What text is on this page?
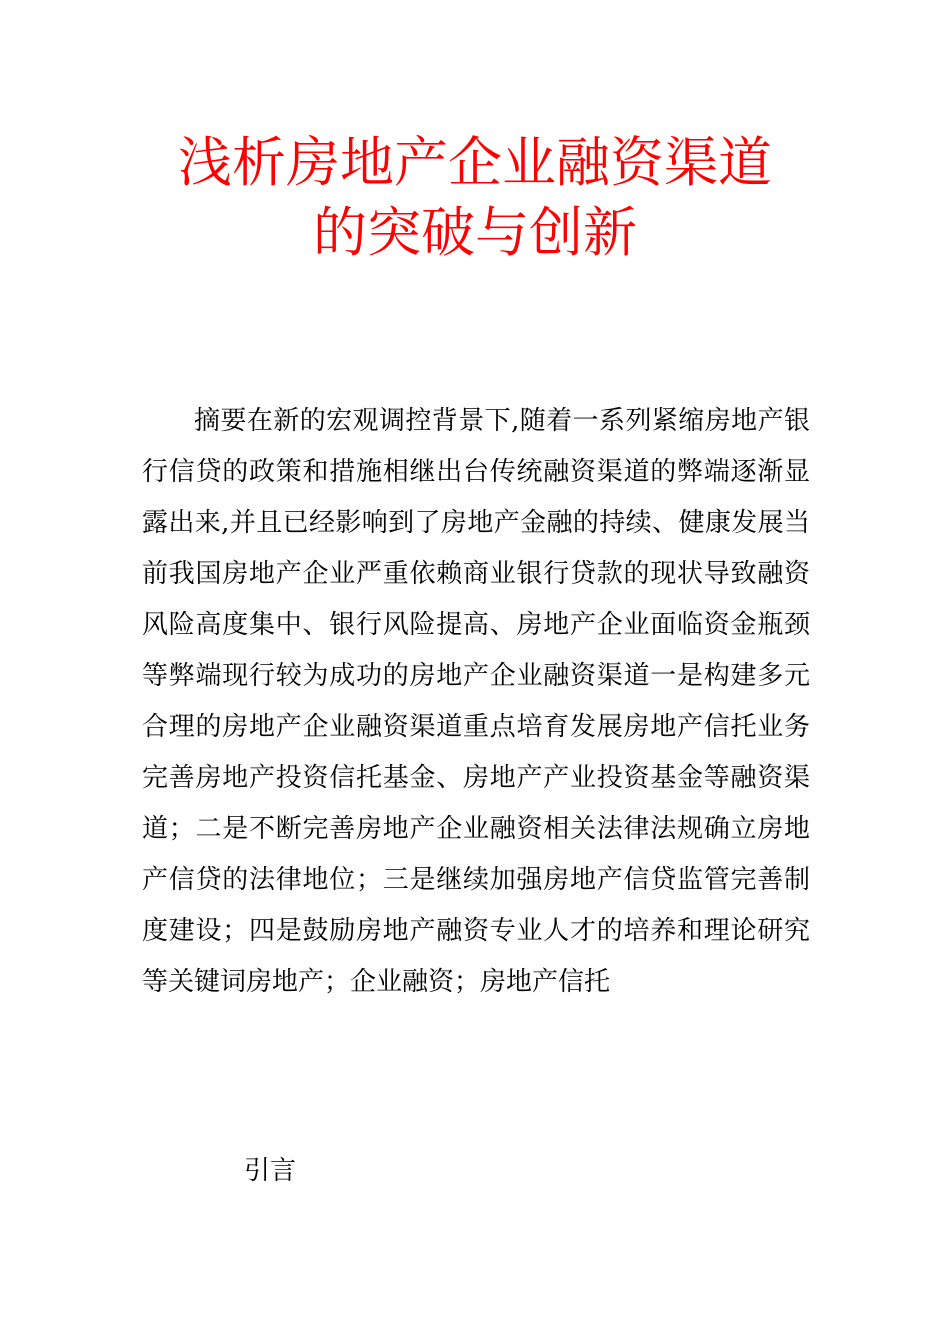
浅析房地产企业融资渠道
的突破与创新

摘要在新的宏观调控背景下,随着一系列紧缩房地产银行信贷的政策和措施相继出台传统融资渠道的弊端逐渐显露出来,并且已经影响到了房地产金融的持续、健康发展当前我国房地产企业严重依赖商业银行贷款的现状导致融资风险高度集中、银行风险提高、房地产企业面临资金瓶颈等弊端现行较为成功的房地产企业融资渠道一是构建多元合理的房地产企业融资渠道重点培育发展房地产信托业务完善房地产投资信托基金、房地产产业投资基金等融资渠道；二是不断完善房地产企业融资相关法律法规确立房地产信贷的法律地位；三是继续加强房地产信贷监管完善制度建设；四是鼓励房地产融资专业人才的培养和理论研究等关键词房地产；企业融资；房地产信托

引言
